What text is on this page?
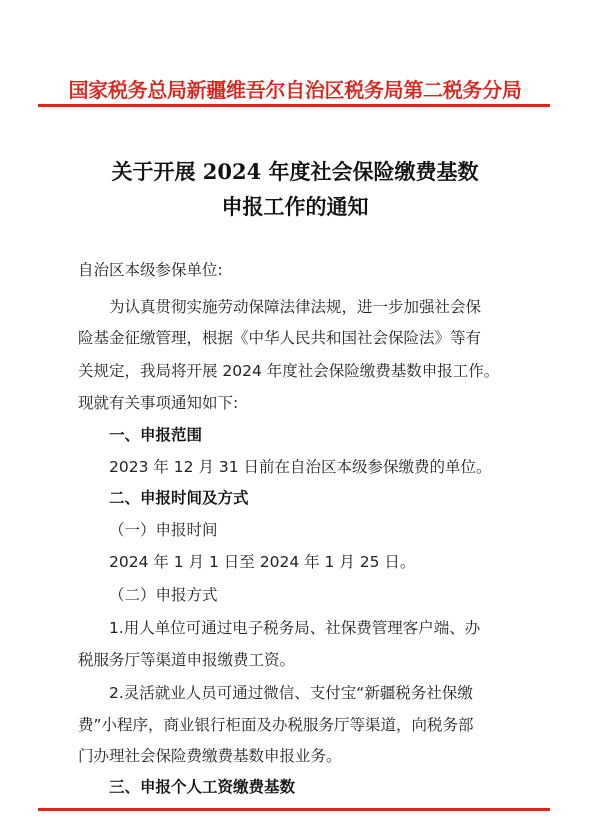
国家税务总局新疆维吾尔自治区税务局第二税务分局
关于开展 2024 年度社会保险缴费基数
申报工作的通知
自治区本级参保单位:
为认真贯彻实施劳动保障法律法规，进一步加强社会保
险基金征缴管理，根据《中华人民共和国社会保险法》等有
关规定，我局将开展 2024 年度社会保险缴费基数申报工作。
现就有关事项通知如下:
一、申报范围
2023 年 12 月 31 日前在自治区本级参保缴费的单位。
二、申报时间及方式
（一）申报时间
2024 年 1 月 1 日至 2024 年 1 月 25 日。
（二）申报方式
1.用人单位可通过电子税务局、社保费管理客户端、办
税服务厅等渠道申报缴费工资。
2.灵活就业人员可通过微信、支付宝“新疆税务社保缴
费”小程序，商业银行柜面及办税服务厅等渠道，向税务部
门办理社会保险费缴费基数申报业务。
三、申报个人工资缴费基数
